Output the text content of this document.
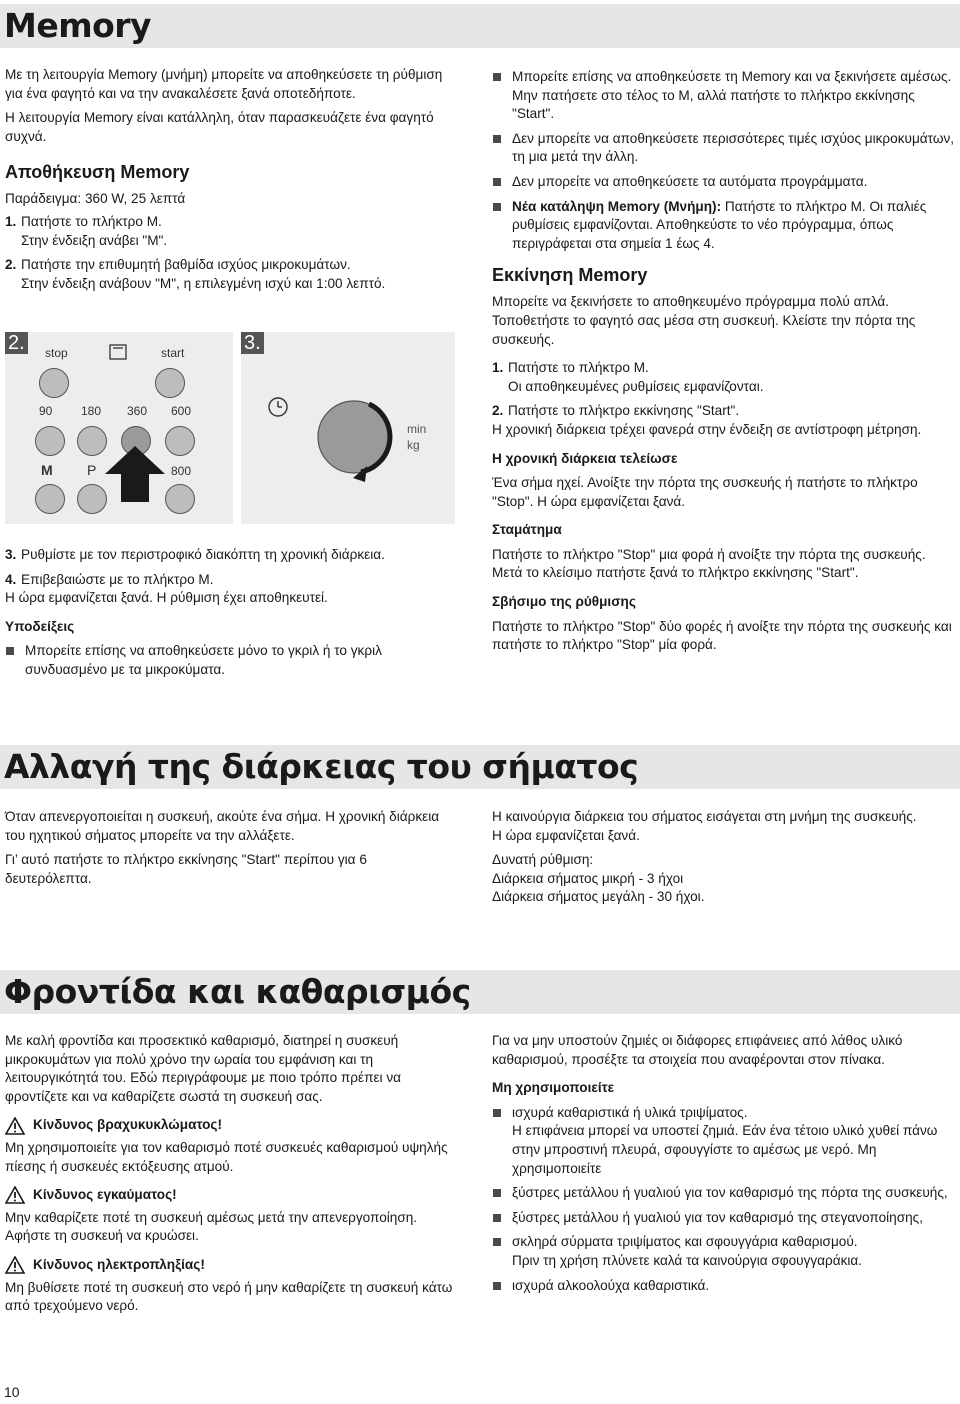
Memory

Με τη λειτουργία Memory (μνήμη) μπορείτε να αποθηκεύσετε τη ρύθμιση για ένα φαγητό και να την ανακαλέσετε ξανά οποτεδήποτε.

Η λειτουργία Memory είναι κατάλληλη, όταν παρασκευάζετε ένα φαγητό συχνά.

Αποθήκευση Memory

Παράδειγμα: 360 W, 25 λεπτά

1. Πατήστε το πλήκτρο M.
Στην ένδειξη ανάβει "M".
2. Πατήστε την επιθυμητή βαθμίδα ισχύος μικροκυμάτων.
Στην ένδειξη ανάβουν "M", η επιλεγμένη ισχύ και 1:00 λεπτό.
2. stop	start
90 180 360 600
M P	800
3.
min
kg
3. Ρυθμίστε με τον περιστροφικό διακόπτη τη χρονική διάρκεια.
4. Επιβεβαιώστε με το πλήκτρο M.

Η ώρα εμφανίζεται ξανά. Η ρύθμιση έχει αποθηκευτεί.

Υποδείξεις
Μπορείτε επίσης να αποθηκεύσετε μόνο το γκριλ ή το γκριλ συνδυασμένο με τα μικροκύματα.
Μπορείτε επίσης να αποθηκεύσετε τη Memory και να ξεκινήσετε αμέσως. Μην πατήσετε στο τέλος το M, αλλά πατήστε το πλήκτρο εκκίνησης "Start".
Δεν μπορείτε να αποθηκεύσετε περισσότερες τιμές ισχύος μικροκυμάτων, τη μια μετά την άλλη.
Δεν μπορείτε να αποθηκεύσετε τα αυτόματα προγράμματα.
Νέα κατάληψη Memory (Μνήμη): Πατήστε το πλήκτρο M. Οι παλιές ρυθμίσεις εμφανίζονται. Αποθηκεύστε το νέο πρόγραμμα, όπως περιγράφεται στα σημεία 1 έως 4.
Εκκίνηση Memory

Μπορείτε να ξεκινήσετε το αποθηκευμένο πρόγραμμα πολύ απλά. Τοποθετήστε το φαγητό σας μέσα στη συσκευή. Κλείστε την πόρτα της συσκευής.

1. Πατήστε το πλήκτρο M.
Οι αποθηκευμένες ρυθμίσεις εμφανίζονται.
2. Πατήστε το πλήκτρο εκκίνησης "Start".

Η χρονική διάρκεια τρέχει φανερά στην ένδειξη σε αντίστροφη μέτρηση.

Η χρονική διάρκεια τελείωσε

Ένα σήμα ηχεί. Ανοίξτε την πόρτα της συσκευής ή πατήστε το πλήκτρο "Stop". Η ώρα εμφανίζεται ξανά.

Σταμάτημα

Πατήστε το πλήκτρο "Stop" μια φορά ή ανοίξτε την πόρτα της συσκευής. Μετά το κλείσιμο πατήστε ξανά το πλήκτρο εκκίνησης "Start".

Σβήσιμο της ρύθμισης

Πατήστε το πλήκτρο "Stop" δύο φορές ή ανοίξτε την πόρτα της συσκευής και πατήστε το πλήκτρο "Stop" μία φορά.

Αλλαγή της διάρκειας του σήματος

Όταν απενεργοποιείται η συσκευή, ακούτε ένα σήμα. Η χρονική διάρκεια του ηχητικού σήματος μπορείτε να την αλλάξετε.

Γι’ αυτό πατήστε το πλήκτρο εκκίνησης "Start" περίπου για 6 δευτερόλεπτα.

Η καινούργια διάρκεια του σήματος εισάγεται στη μνήμη της συσκευής.
Η ώρα εμφανίζεται ξανά.
Δυνατή ρύθμιση:
Διάρκεια σήματος μικρή - 3 ήχοι
Διάρκεια σήματος μεγάλη - 30 ήχοι.
Φροντίδα και καθαρισμός

Με καλή φροντίδα και προσεκτικό καθαρισμό, διατηρεί η συσκευή μικροκυμάτων για πολύ χρόνο την ωραία του εμφάνιση και τη λειτουργικότητά του. Εδώ περιγράφουμε με ποιο τρόπο πρέπει να φροντίζετε και να καθαρίζετε σωστά τη συσκευή σας.

Κίνδυνος βραχυκυκλώματος!

Μη χρησιμοποιείτε για τον καθαρισμό ποτέ συσκευές καθαρισμού υψηλής πίεσης ή συσκευές εκτόξευσης ατμού.

Κίνδυνος εγκαύματος!

Μην καθαρίζετε ποτέ τη συσκευή αμέσως μετά την απενεργοποίηση. Αφήστε τη συσκευή να κρυώσει.

Κίνδυνος ηλεκτροπληξίας!

Μη βυθίσετε ποτέ τη συσκευή στο νερό ή μην καθαρίζετε τη συσκευή κάτω από τρεχούμενο νερό.

Για να μην υποστούν ζημιές οι διάφορες επιφάνειες από λάθος υλικό καθαρισμού, προσέξτε τα στοιχεία που αναφέρονται στον πίνακα.

Μη χρησιμοποιείτε
ισχυρά καθαριστικά ή υλικά τριψίματος.
Η επιφάνεια μπορεί να υποστεί ζημιά. Εάν ένα τέτοιο υλικό χυθεί πάνω στην μπροστινή πλευρά, σφουγγίστε το αμέσως με νερό. Μη χρησιμοποιείτε
ξύστρες μετάλλου ή γυαλιού για τον καθαρισμό της πόρτα της συσκευής,
ξύστρες μετάλλου ή γυαλιού για τον καθαρισμό της στεγανοποίησης,
σκληρά σύρματα τριψίματος και σφουγγάρια καθαρισμού.
Πριν τη χρήση πλύνετε καλά τα καινούργια σφουγγαράκια.
ισχυρά αλκοολούχα καθαριστικά.
10
